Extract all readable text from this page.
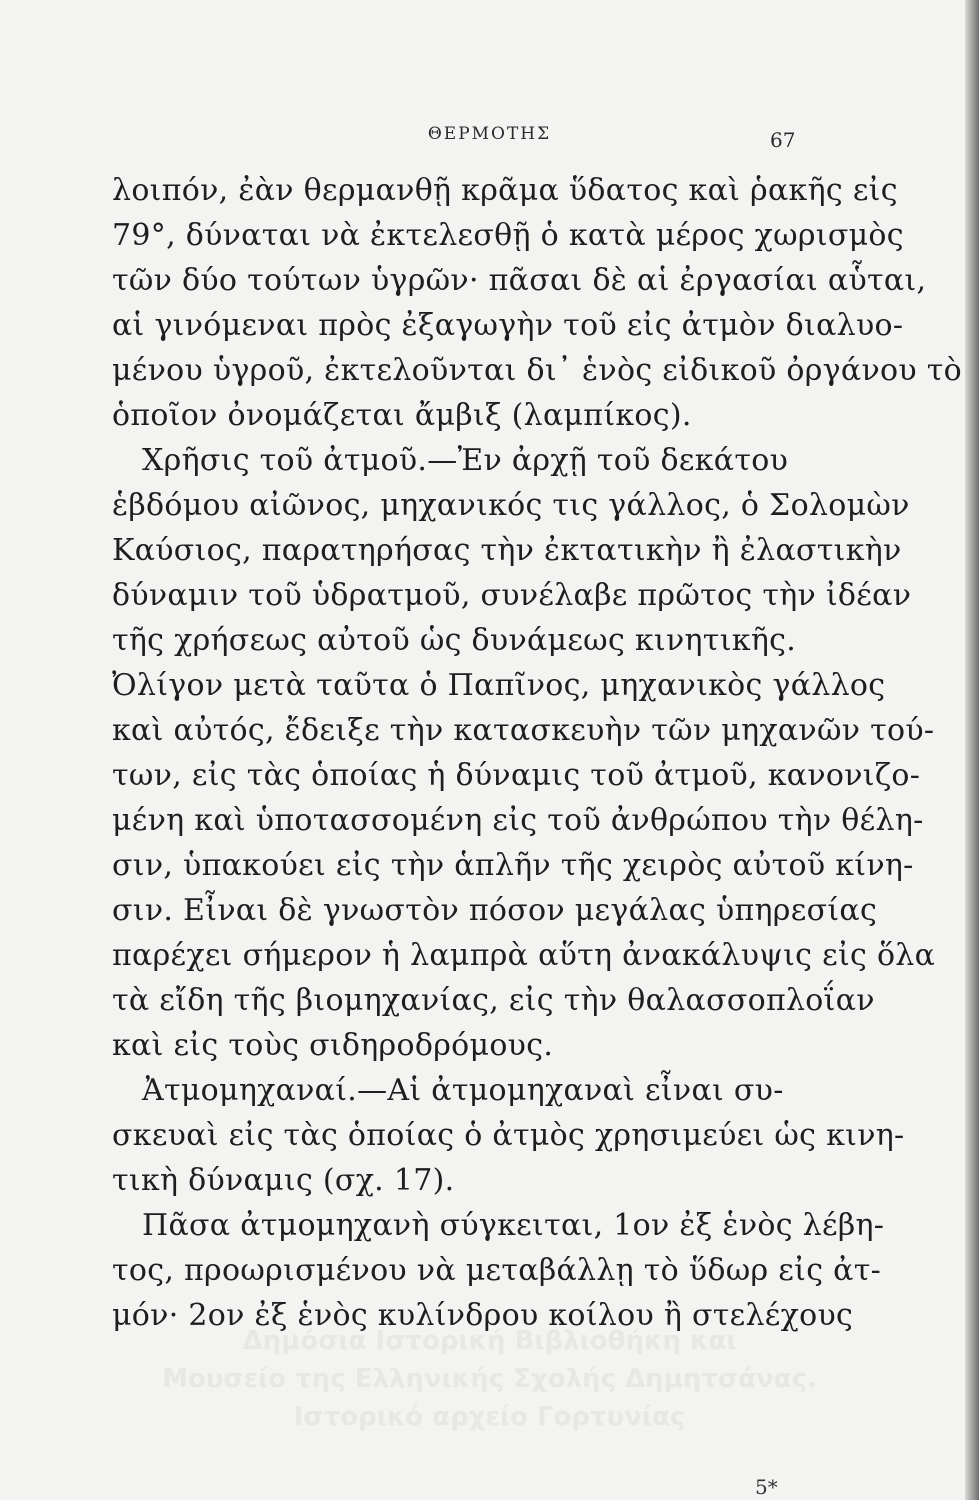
ΘΕΡΜΟΤΗΣ	67
λοιπόν, ἐὰν θερμανθῇ κρᾶμα ὕδατος καὶ ῥακῆς εἰς
79°, δύναται νὰ ἐκτελεσθῇ ὁ κατὰ μέρος χωρισμὸς
τῶν δύο τούτων ὑγρῶν· πᾶσαι δὲ αἱ ἐργασίαι αὗται,
αἱ γινόμεναι πρὸς ἐξαγωγὴν τοῦ εἰς ἀτμὸν διαλυο-
μένου ὑγροῦ, ἐκτελοῦνται δι᾽ ἑνὸς εἰδικοῦ ὀργάνου τὸ
ὁποῖον ὀνομάζεται ἄμβιξ (λαμπίκος).
Χρῆσις τοῦ ἀτμοῦ.—Ἐν ἀρχῇ τοῦ δεκάτου
ἑβδόμου αἰῶνος, μηχανικός τις γάλλος, ὁ Σολομὼν
Καύσιος, παρατηρήσας τὴν ἐκτατικὴν ἢ ἐλαστικὴν
δύναμιν τοῦ ὑδρατμοῦ, συνέλαβε πρῶτος τὴν ἰδέαν
τῆς χρήσεως αὐτοῦ ὡς δυνάμεως κινητικῆς.
Ὀλίγον μετὰ ταῦτα ὁ Παπῖνος, μηχανικὸς γάλλος
καὶ αὐτός, ἔδειξε τὴν κατασκευὴν τῶν μηχανῶν τού-
των, εἰς τὰς ὁποίας ἡ δύναμις τοῦ ἀτμοῦ, κανονιζο-
μένη καὶ ὑποτασσομένη εἰς τοῦ ἀνθρώπου τὴν θέλη-
σιν, ὑπακούει εἰς τὴν ἁπλῆν τῆς χειρὸς αὐτοῦ κίνη-
σιν. Εἶναι δὲ γνωστὸν πόσον μεγάλας ὑπηρεσίας
παρέχει σήμερον ἡ λαμπρὰ αὕτη ἀνακάλυψις εἰς ὅλα
τὰ εἴδη τῆς βιομηχανίας, εἰς τὴν θαλασσοπλοΐαν
καὶ εἰς τοὺς σιδηροδρόμους.
Ἀτμομηχαναί.—Αἱ ἀτμομηχαναὶ εἶναι συ-
σκευαὶ εἰς τὰς ὁποίας ὁ ἀτμὸς χρησιμεύει ὡς κινη-
τικὴ δύναμις (σχ. 17).
Πᾶσα ἀτμομηχανὴ σύγκειται, 1ον ἐξ ἑνὸς λέβη-
τος, προωρισμένου νὰ μεταβάλλῃ τὸ ὕδωρ εἰς ἀτ-
μόν· 2ον ἐξ ἑνὸς κυλίνδρου κοίλου ἢ στελέχους
5*
Δημόσια Ιστορική Βιβλιοθήκη και
Μουσείο της Ελληνικής Σχολής Δημητσάνας.
Ιστορικό αρχείο Γορτυνίας
